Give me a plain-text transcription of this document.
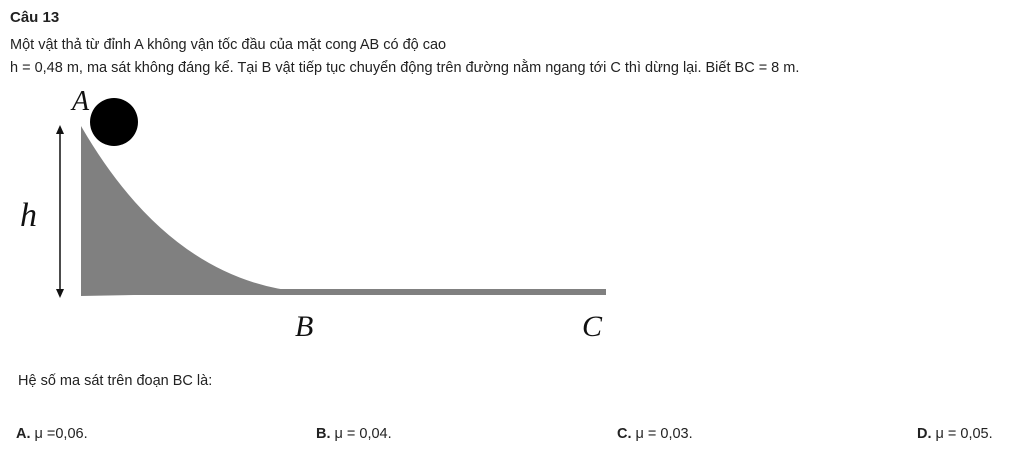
Câu 13
Một vật thả từ đỉnh A không vận tốc đầu của mặt cong AB có độ cao
h = 0,48 m, ma sát không đáng kể. Tại B vật tiếp tục chuyển động trên đường nằm ngang tới C thì dừng lại. Biết BC = 8 m.
A
h
B	C
Hệ số ma sát trên đoạn BC là:
A. μ =0,06.	B. μ = 0,04.	C. μ = 0,03.	D. μ = 0,05.
